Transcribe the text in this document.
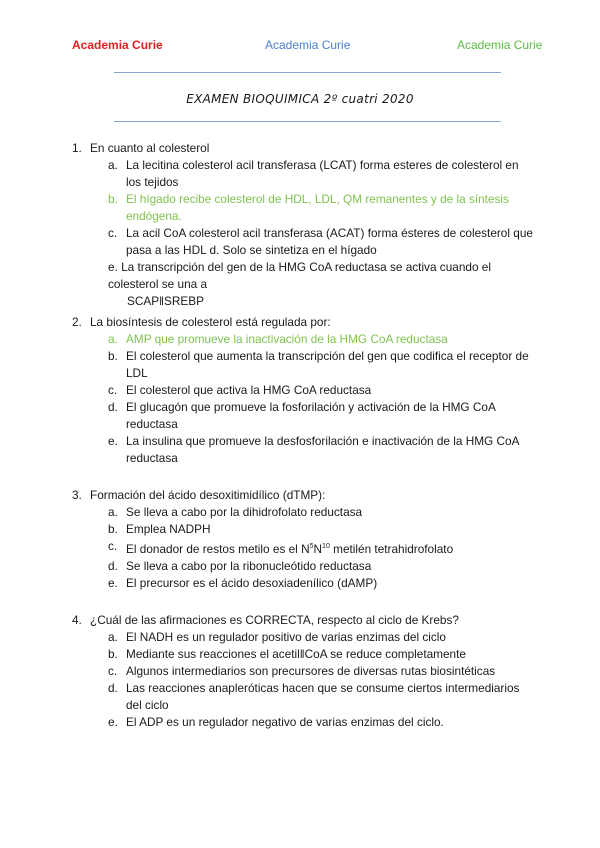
Academia Curie	Academia Curie	Academia Curie
EXAMEN BIOQUIMICA 2º cuatri 2020
1. En cuanto al colesterol
a. La lecitina colesterol acil transferasa (LCAT) forma esteres de colesterol en los tejidos
b. El hígado recibe colesterol de HDL, LDL, QM remanentes y de la síntesis endógena.
c. La acil CoA colesterol acil transferasa (ACAT) forma ésteres de colesterol que pasa a las HDL d. Solo se sintetiza en el hígado
e. La transcripción del gen de la HMG CoA reductasa se activa cuando el colesterol se una a
SCAP‖SREBP
2. La biosíntesis de colesterol está regulada por:
a. AMP que promueve la inactivación de la HMG CoA reductasa
b. El colesterol que aumenta la transcripción del gen que codifica el receptor de LDL
c. El colesterol que activa la HMG CoA reductasa
d. El glucagón que promueve la fosforilación y activación de la HMG CoA reductasa
e. La insulina que promueve la desfosforilación e inactivación de la HMG CoA reductasa
3. Formación del ácido desoxitimidílico (dTMP):
a. Se lleva a cabo por la dihidrofolato reductasa
b. Emplea NADPH
c. El donador de restos metilo es el $N^5N^{10}$ metilén tetrahidrofolato
d. Se lleva a cabo por la ribonucleótido reductasa
e. El precursor es el ácido desoxiadenílico (dAMP)
4. ¿Cuál de las afirmaciones es CORRECTA, respecto al ciclo de Krebs?
a. El NADH es un regulador positivo de varias enzimas del ciclo
b. Mediante sus reacciones el acetil‖CoA se reduce completamente
c. Algunos intermediarios son precursores de diversas rutas biosintéticas
d. Las reacciones anapleróticas hacen que se consume ciertos intermediarios del ciclo
e. El ADP es un regulador negativo de varias enzimas del ciclo.
